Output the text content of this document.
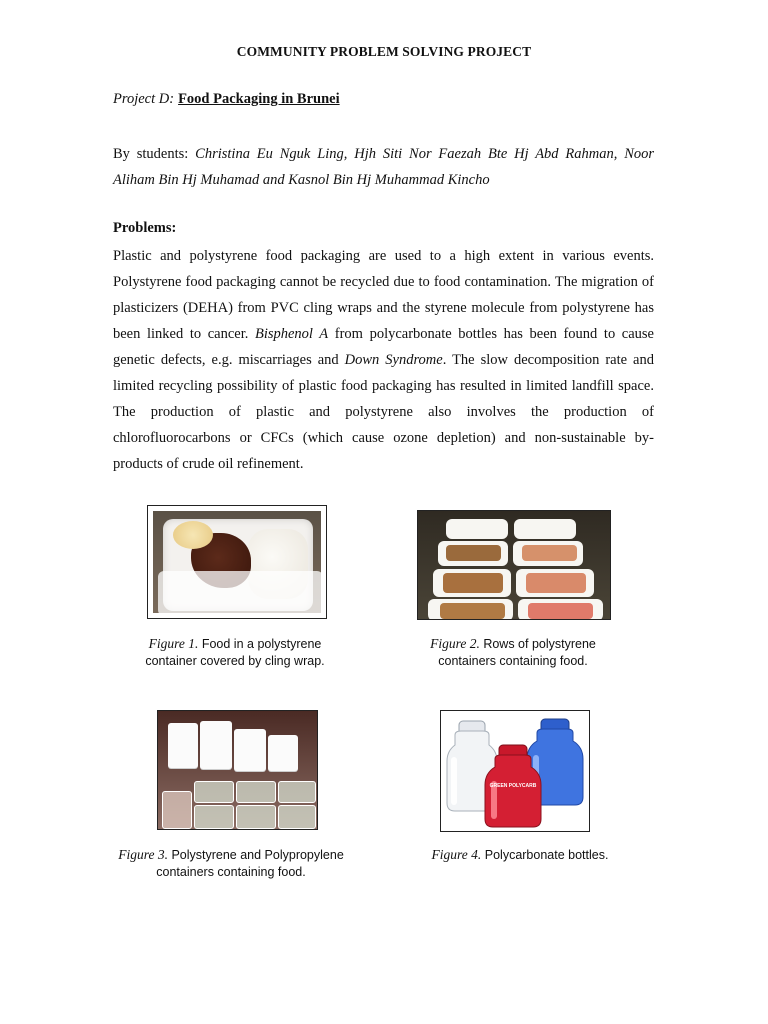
COMMUNITY PROBLEM SOLVING PROJECT
Project D: Food Packaging in Brunei
By students: Christina Eu Nguk Ling, Hjh Siti Nor Faezah Bte Hj Abd Rahman, Noor Aliham Bin Hj Muhamad and Kasnol Bin Hj Muhammad Kincho
Problems:
Plastic and polystyrene food packaging are used to a high extent in various events. Polystyrene food packaging cannot be recycled due to food contamination. The migration of plasticizers (DEHA) from PVC cling wraps and the styrene molecule from polystyrene has been linked to cancer. Bisphenol A from polycarbonate bottles has been found to cause genetic defects, e.g. miscarriages and Down Syndrome. The slow decomposition rate and limited recycling possibility of plastic food packaging has resulted in limited landfill space. The production of plastic and polystyrene also involves the production of chlorofluorocarbons or CFCs (which cause ozone depletion) and non-sustainable by-products of crude oil refinement.
Figure 1. Food in a polystyrene
container covered by cling wrap.
Figure 2. Rows of polystyrene
containers containing food.
Figure 3. Polystyrene and Polypropylene
containers containing food.
GREEN POLYCARB
Figure 4. Polycarbonate bottles.
